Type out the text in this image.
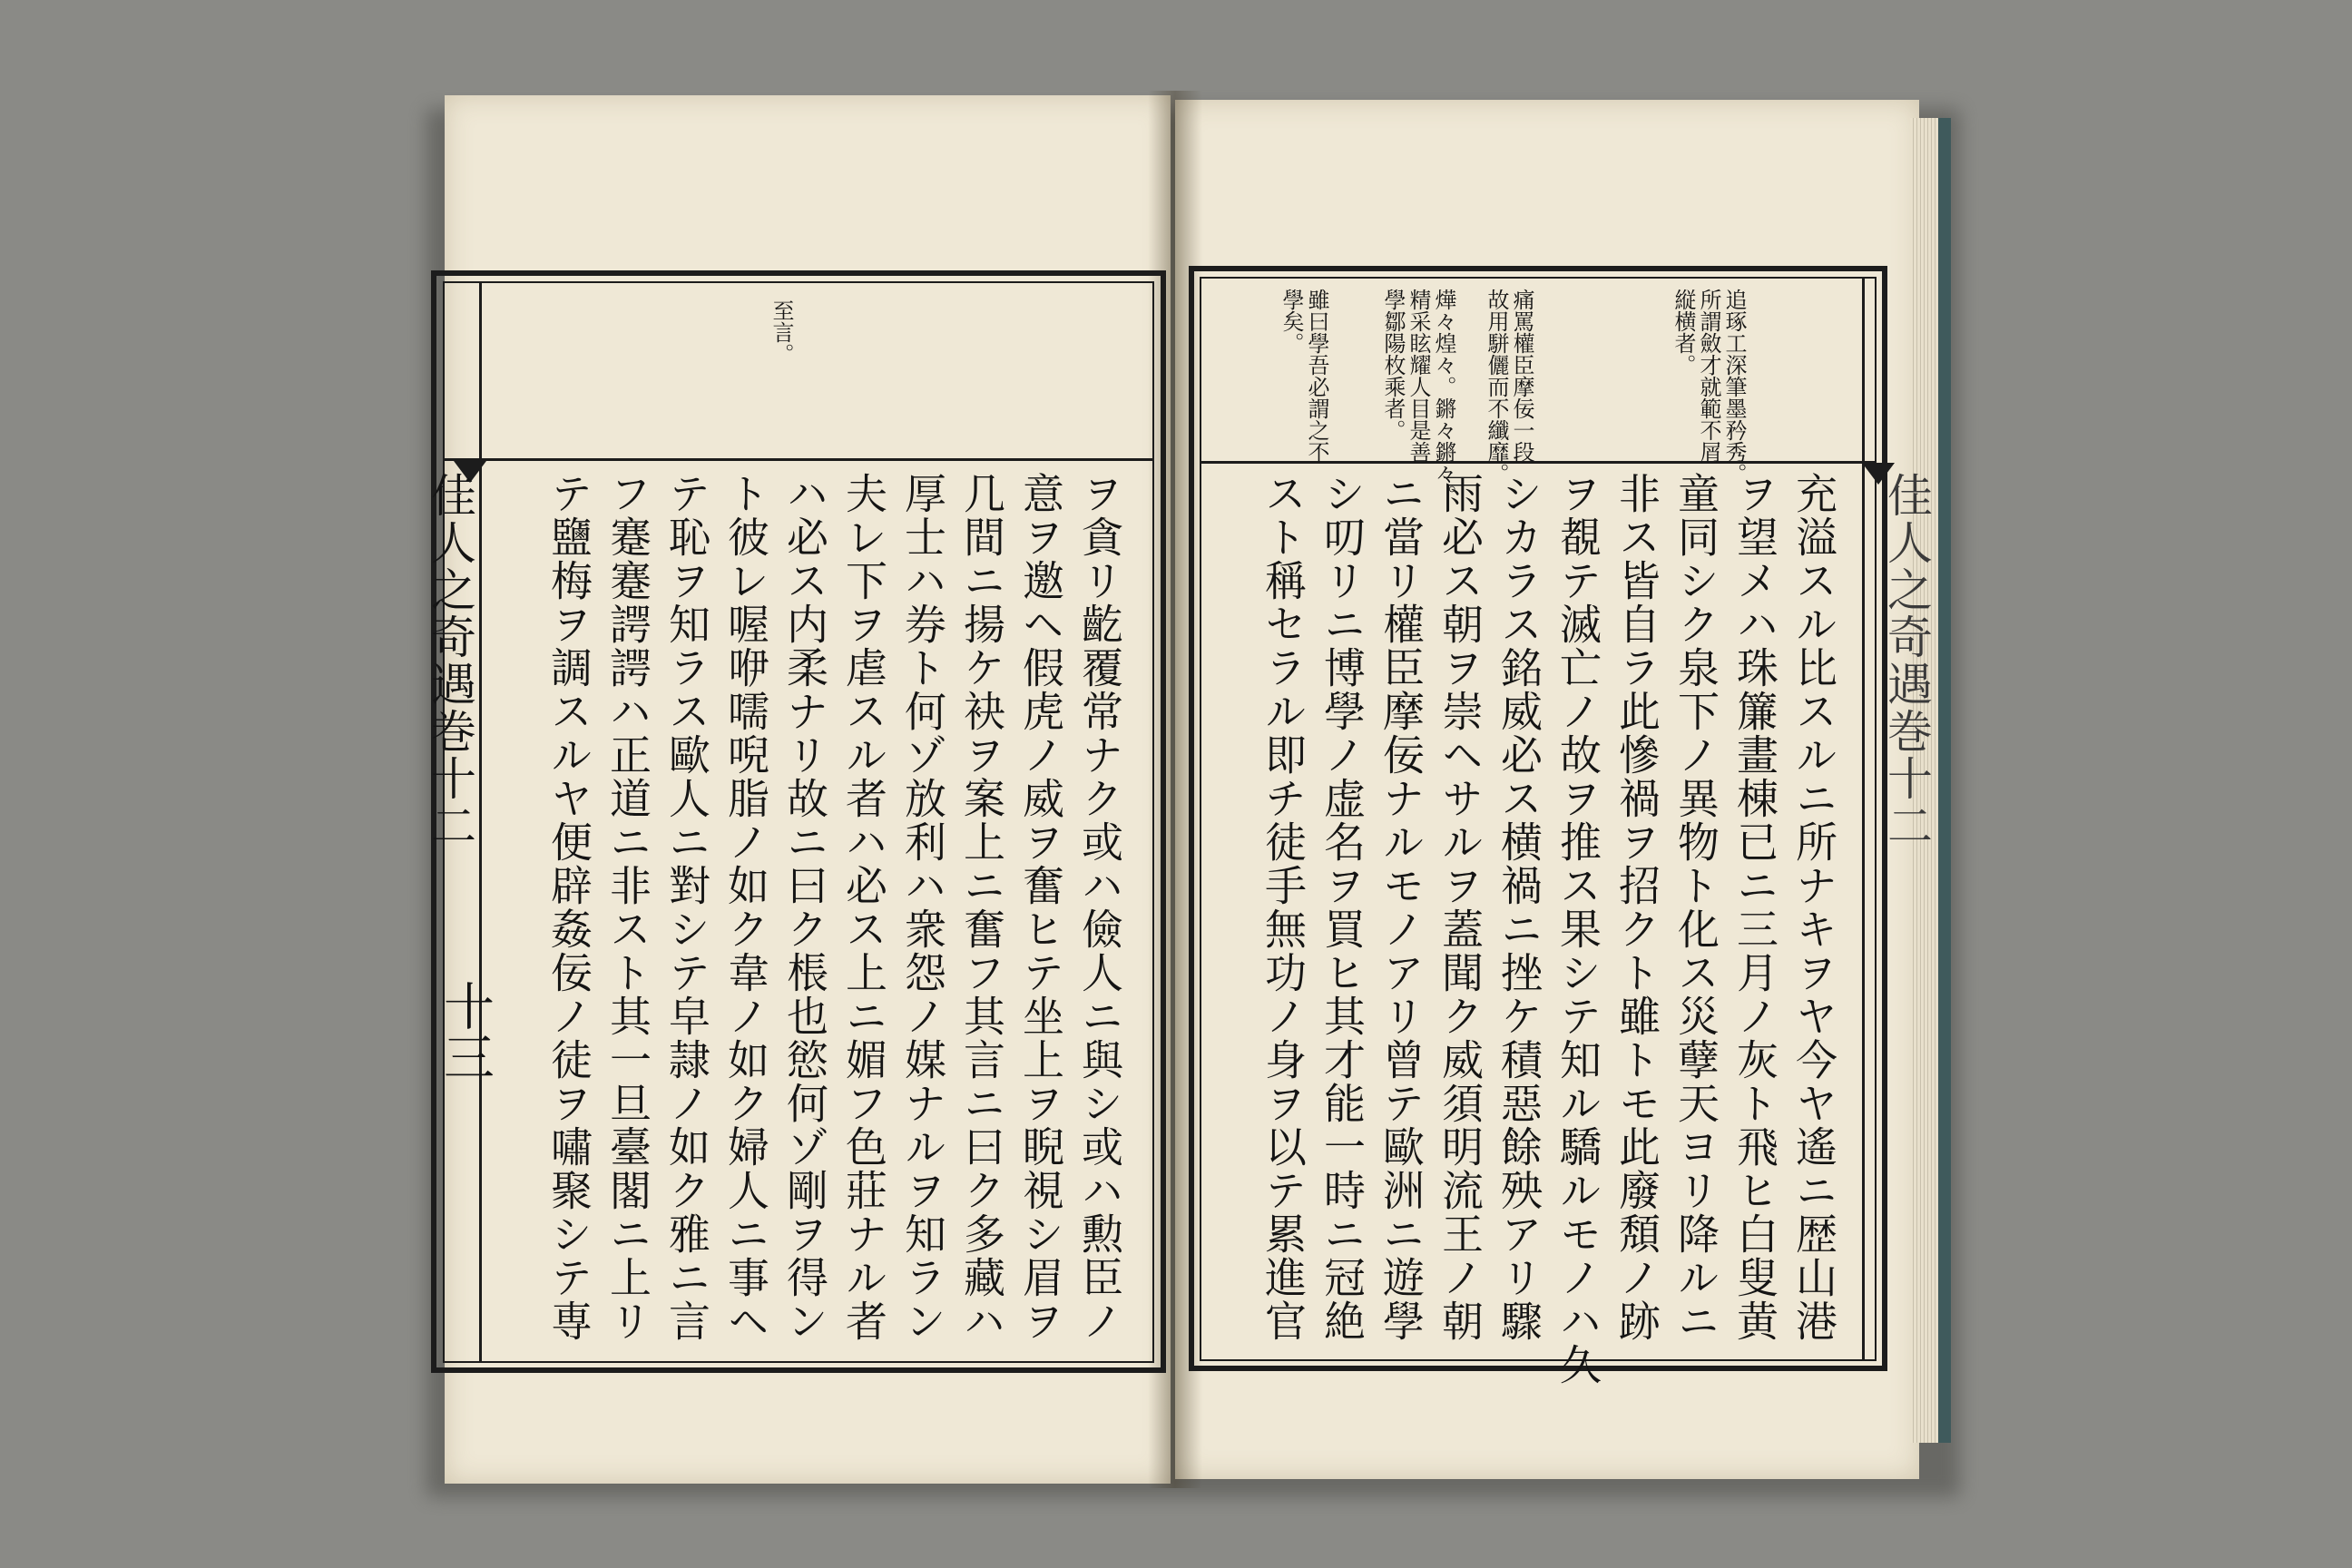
佳人之奇遇巻十二
十三
至言。
ヲ貪リ齕覆常ナク或ハ儉人ニ與シ或ハ勲臣ノ
意ヲ邀ヘ假虎ノ威ヲ奮ヒテ坐上ヲ睨視シ眉ヲ
几間ニ揚ケ袂ヲ案上ニ奮フ其言ニ曰ク多藏ハ
厚士ハ券ト何ゾ放利ハ衆怨ノ媒ナルヲ知ラン
夫レ下ヲ虐スル者ハ必ス上ニ媚フ色莊ナル者
ハ必ス内柔ナリ故ニ曰ク棖也慾何ゾ剛ヲ得ン
ト彼レ喔咿嚅唲脂ノ如ク韋ノ如ク婦人ニ事ヘ
テ恥ヲ知ラス歐人ニ對シテ皁隷ノ如ク雅ニ言
フ蹇蹇諤諤ハ正道ニ非スト其一旦臺閣ニ上リ
テ鹽梅ヲ調スルヤ便辟姦佞ノ徒ヲ嘯聚シテ専	佳人之奇遇巻十二
追琢工深筆墨矜秀。
所謂斂才就範不屑
縦横者。
痛罵權臣摩佞一段
故用駢儷而不纖靡。
燁々煌々。鏘々鏘々。
精采眩耀人目是善
學鄒陽枚乘者。
雖曰學吾必謂之不
學矣。
充溢スル比スルニ所ナキヲヤ今ヤ遙ニ歴山港
ヲ望メハ珠簾畫棟已ニ三月ノ灰ト飛ヒ白叟黄
童同シク泉下ノ異物ト化ス災孽天ヨリ降ルニ
非ス皆自ラ此慘禍ヲ招クト雖トモ此廢頽ノ跡
ヲ覩テ滅亡ノ故ヲ推ス果シテ知ル驕ルモノハ久
シカラス銘威必ス横禍ニ挫ケ積惡餘殃アリ驟
雨必ス朝ヲ崇ヘサルヲ蓋聞ク威須明流王ノ朝
ニ當リ權臣摩佞ナルモノアリ曾テ歐洲ニ遊學
シ叨リニ博學ノ虚名ヲ買ヒ其才能一時ニ冠絶
スト稱セラル即チ徒手無功ノ身ヲ以テ累進官
